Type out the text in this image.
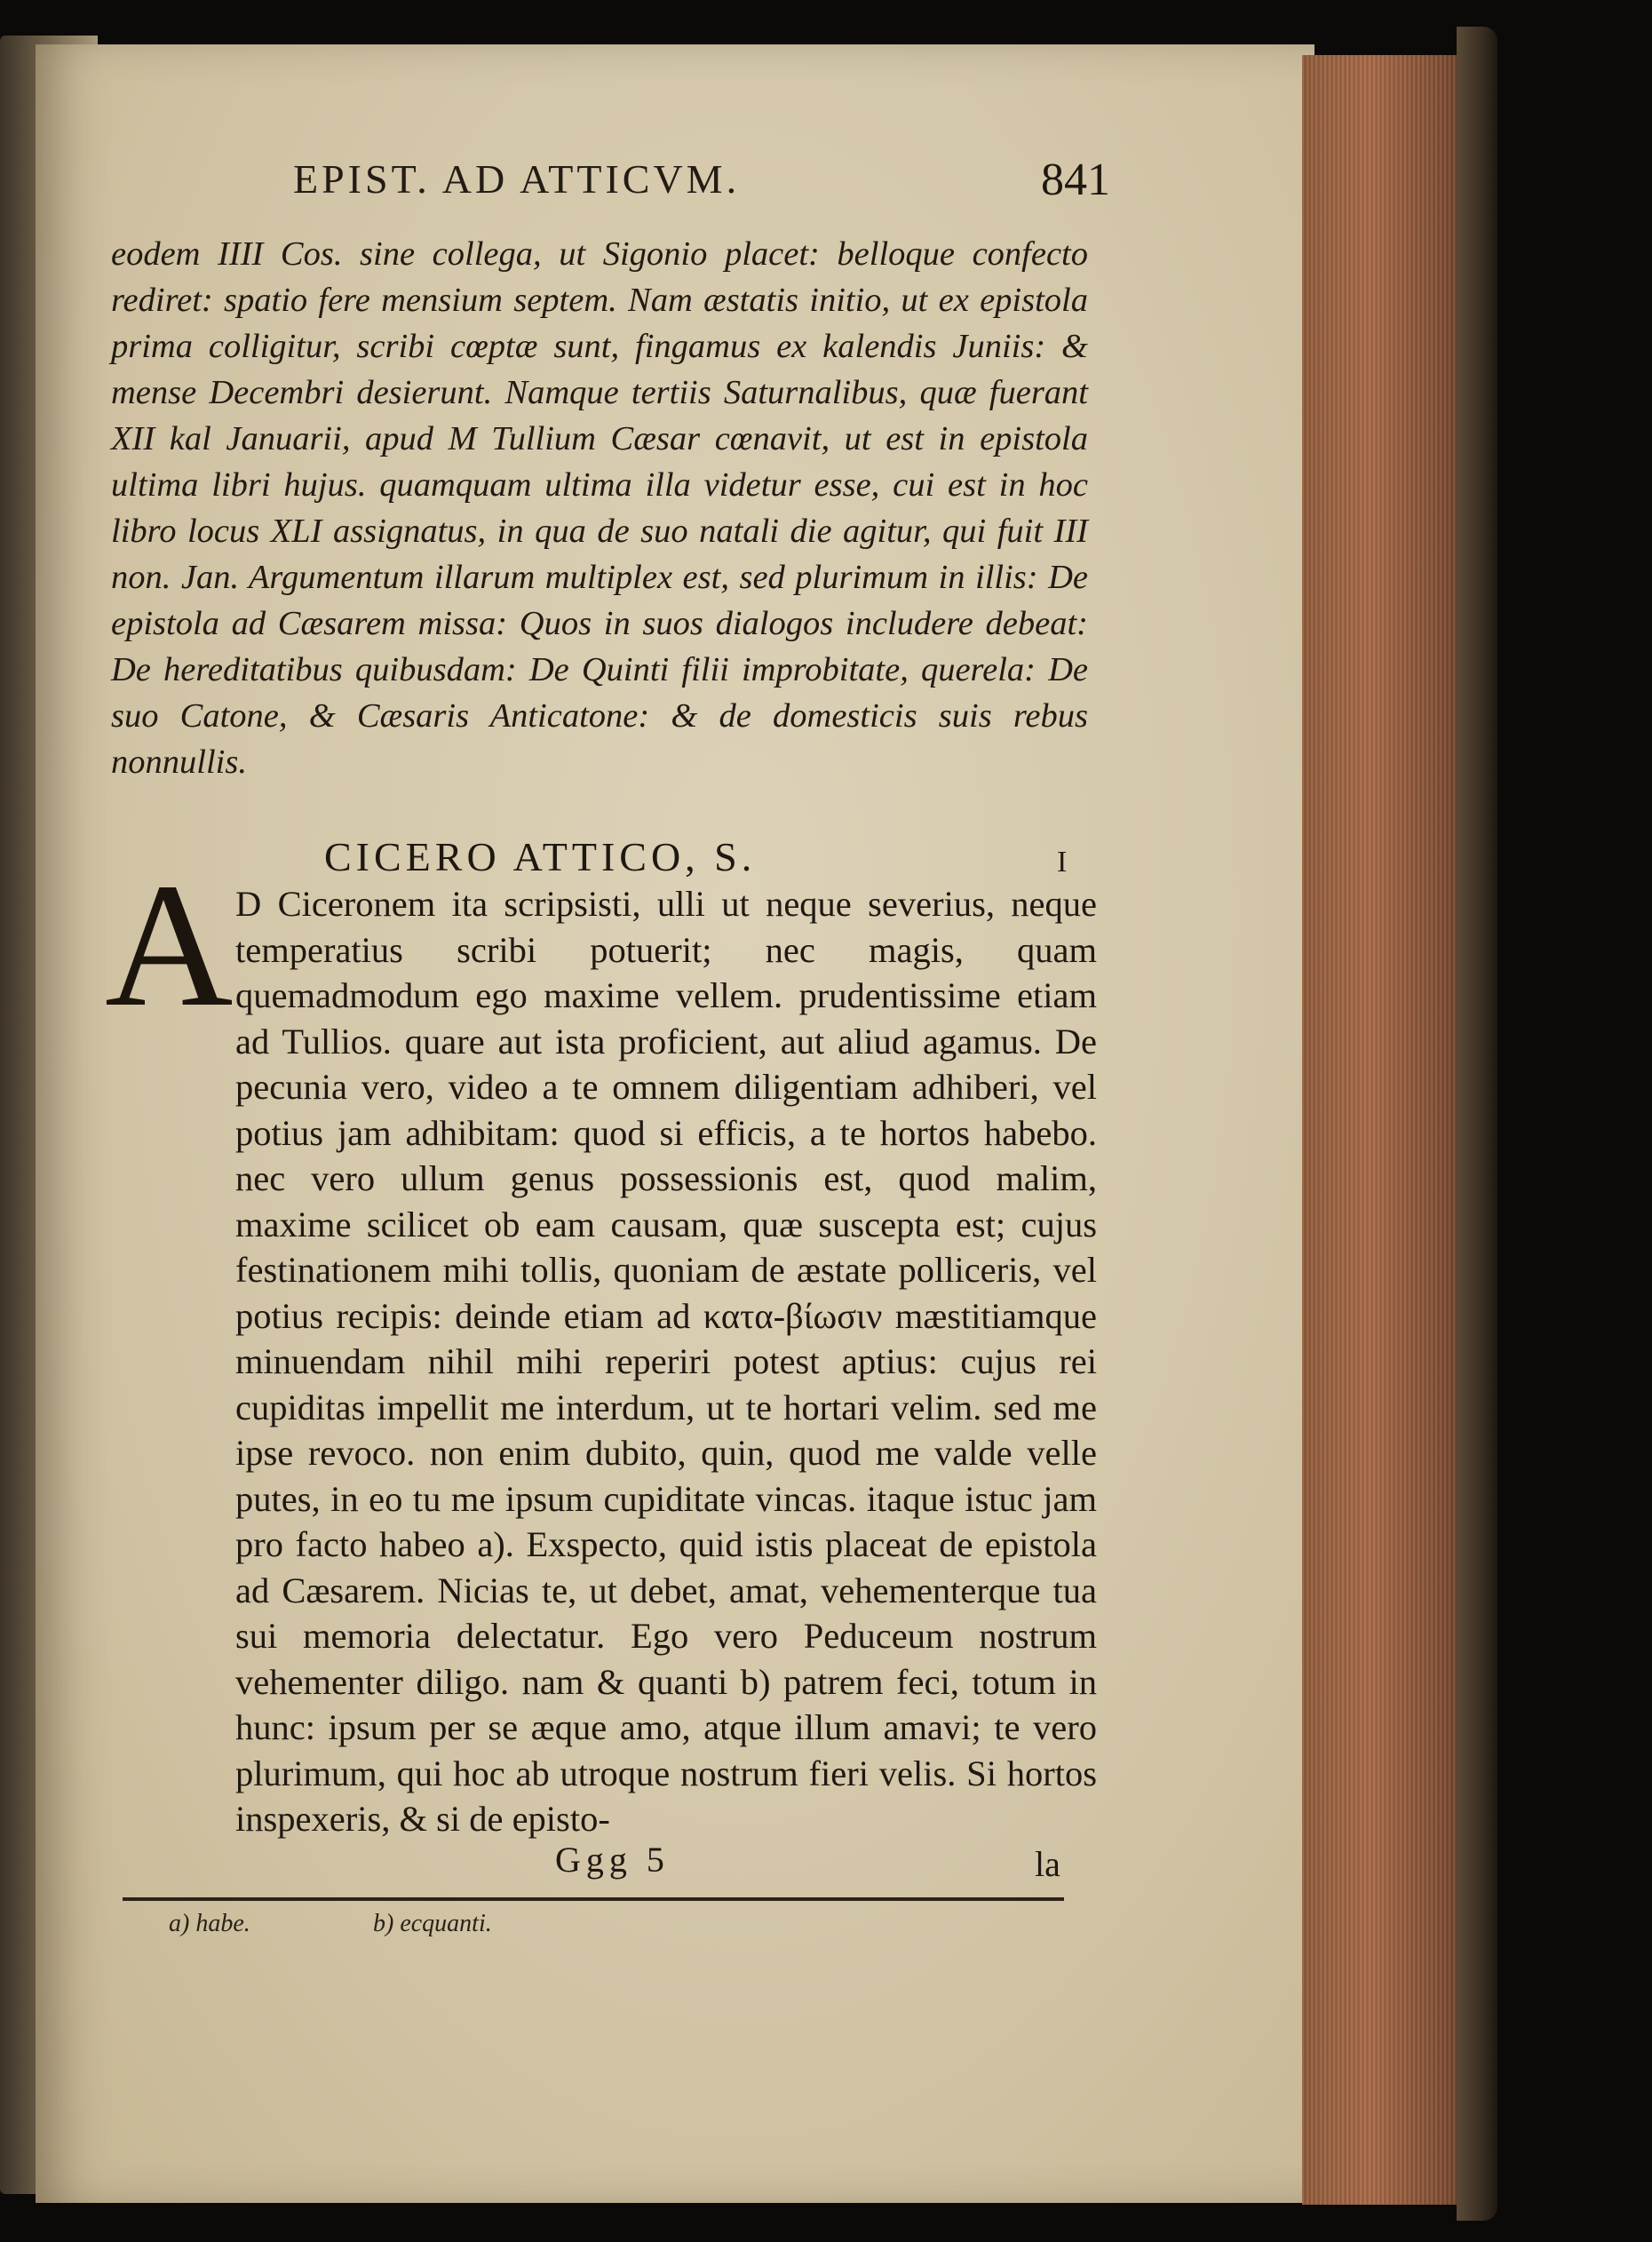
EPIST. AD ATTICVM.	841
eodem IIII Cos. sine collega, ut Sigonio placet: belloque confecto rediret: spatio fere mensium septem. Nam æstatis initio, ut ex epistola prima colligitur, scribi cœptæ sunt, fingamus ex kalendis Juniis: & mense Decembri desierunt. Namque tertiis Saturnalibus, quæ fuerant XII kal Januarii, apud M Tullium Cæsar cœnavit, ut est in epistola ultima libri hujus. quamquam ultima illa videtur esse, cui est in hoc libro locus XLI assignatus, in qua de suo natali die agitur, qui fuit III non. Jan. Argumentum illarum multiplex est, sed plurimum in illis: De epistola ad Cæsarem missa: Quos in suos dialogos includere debeat: De hereditatibus quibusdam: De Quinti filii improbitate, querela: De suo Catone, & Cæsaris Anticatone: & de domesticis suis rebus nonnullis.
CICERO ATTICO, S.	I
A D Ciceronem ita scripsisti, ulli ut neque severius, neque temperatius scribi potuerit; nec magis, quam quemadmodum ego maxime vellem. prudentissime etiam ad Tullios. quare aut ista proficient, aut aliud agamus. De pecunia vero, video a te omnem diligentiam adhiberi, vel potius jam adhibitam: quod si efficis, a te hortos habebo. nec vero ullum genus possessionis est, quod malim, maxime scilicet ob eam causam, quæ suscepta est; cujus festinationem mihi tollis, quoniam de æstate polliceris, vel potius recipis: deinde etiam ad κατα-βίωσιν mæstitiamque minuendam nihil mihi reperiri potest aptius: cujus rei cupiditas impellit me interdum, ut te hortari velim. sed me ipse revoco. non enim dubito, quin, quod me valde velle putes, in eo tu me ipsum cupiditate vincas. itaque istuc jam pro facto habeo a). Exspecto, quid istis placeat de epistola ad Cæsarem. Nicias te, ut debet, amat, vehementerque tua sui memoria delectatur. Ego vero Peduceum nostrum vehementer diligo. nam & quanti b) patrem feci, totum in hunc: ipsum per se æque amo, atque illum amavi; te vero plurimum, qui hoc ab utroque nostrum fieri velis. Si hortos inspexeris, & si de episto-
Ggg 5	la
a) habe.	b) ecquanti.
